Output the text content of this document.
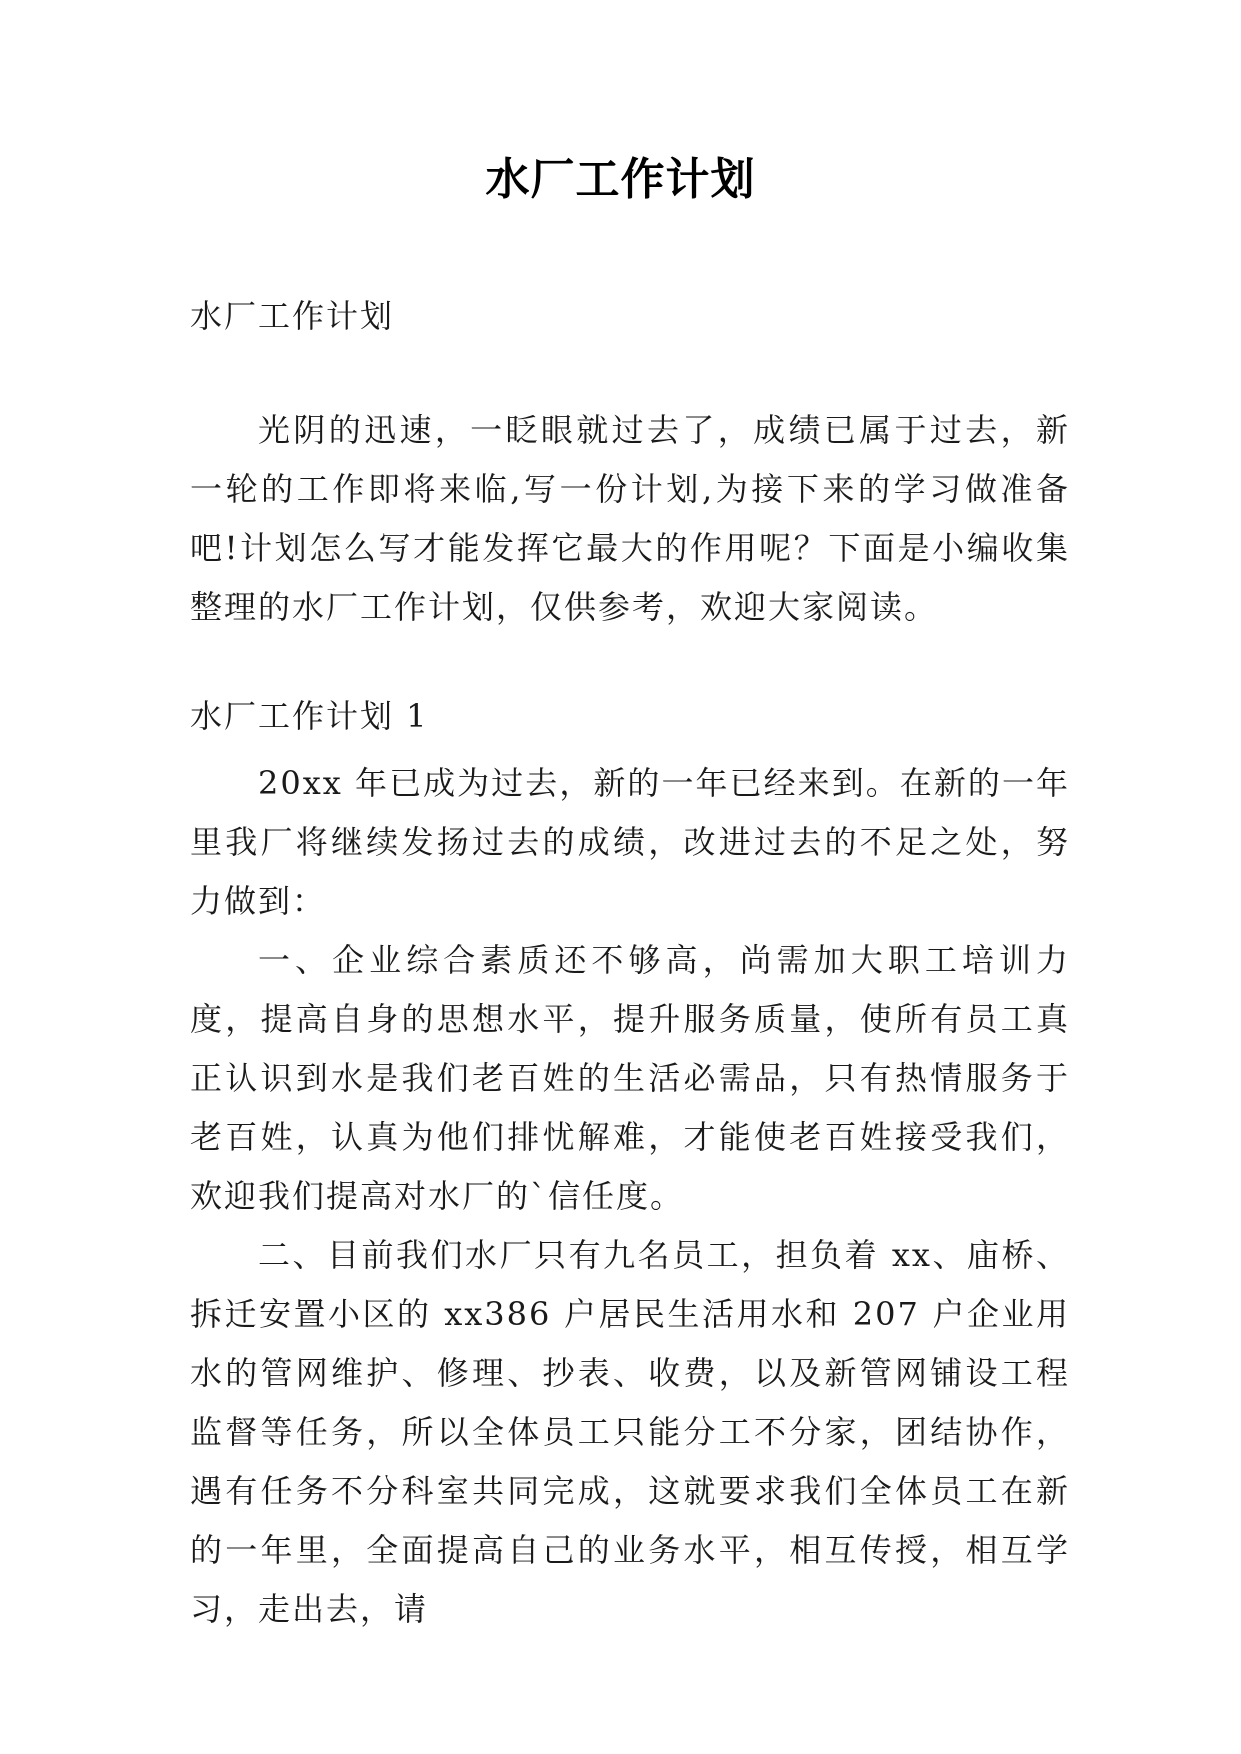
水厂工作计划
水厂工作计划
光阴的迅速，一眨眼就过去了，成绩已属于过去，新一轮的工作即将来临,写一份计划,为接下来的学习做准备吧!计划怎么写才能发挥它最大的作用呢？下面是小编收集整理的水厂工作计划，仅供参考，欢迎大家阅读。
水厂工作计划 1
20xx 年已成为过去，新的一年已经来到。在新的一年里我厂将继续发扬过去的成绩，改进过去的不足之处，努力做到：
一、企业综合素质还不够高，尚需加大职工培训力度，提高自身的思想水平，提升服务质量，使所有员工真正认识到水是我们老百姓的生活必需品，只有热情服务于老百姓，认真为他们排忧解难，才能使老百姓接受我们，欢迎我们提高对水厂的`信任度。
二、目前我们水厂只有九名员工，担负着 xx、庙桥、拆迁安置小区的 xx386 户居民生活用水和 207 户企业用水的管网维护、修理、抄表、收费，以及新管网铺设工程监督等任务，所以全体员工只能分工不分家，团结协作，遇有任务不分科室共同完成，这就要求我们全体员工在新的一年里，全面提高自己的业务水平，相互传授，相互学习，走出去，请
